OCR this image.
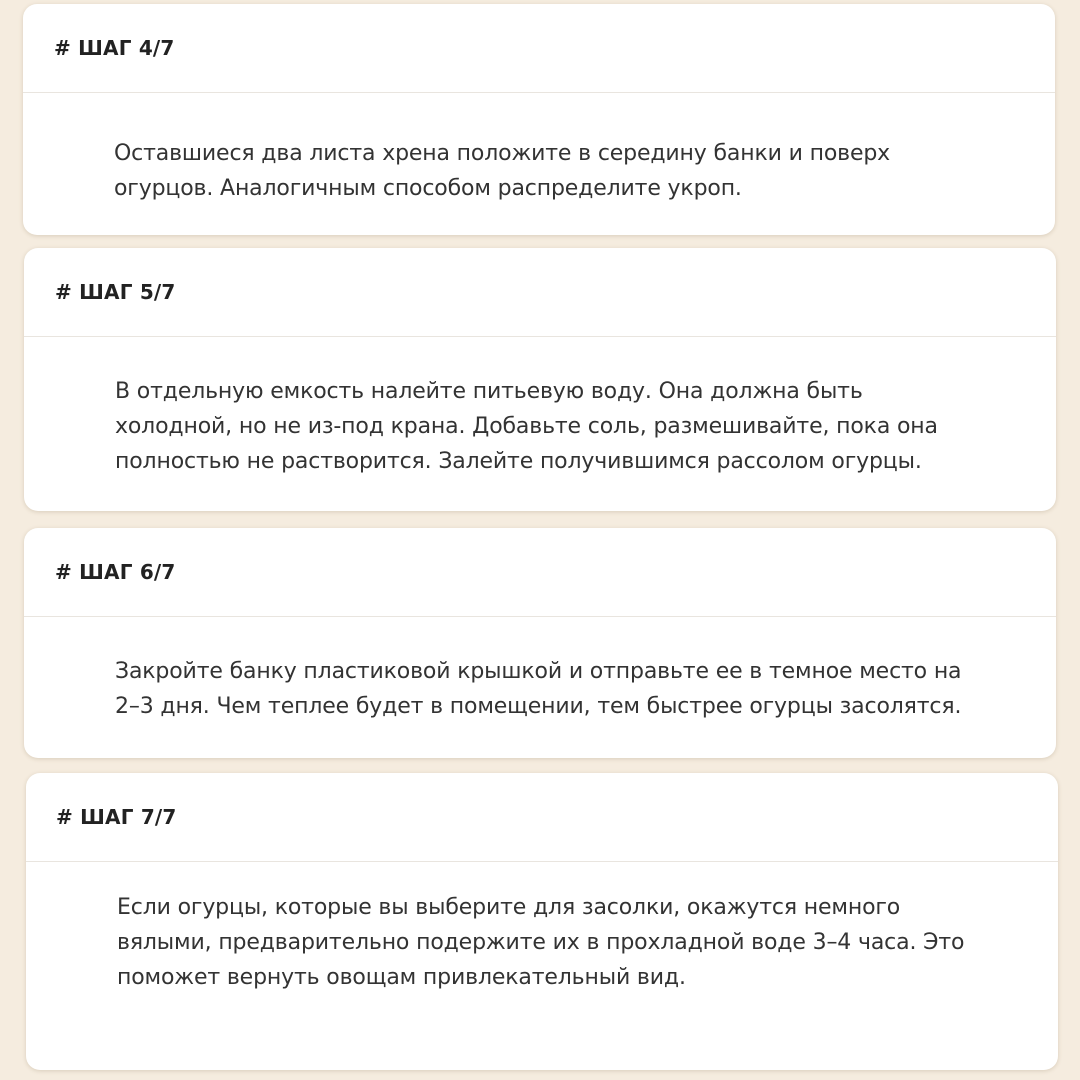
# ШАГ 4/7

Оставшиеся два листа хрена положите в середину банки и поверх огурцов. Аналогичным способом распределите укроп.

# ШАГ 5/7

В отдельную емкость налейте питьевую воду. Она должна быть холодной, но не из-под крана. Добавьте соль, размешивайте, пока она полностью не растворится. Залейте получившимся рассолом огурцы.

# ШАГ 6/7

Закройте банку пластиковой крышкой и отправьте ее в темное место на 2–3 дня. Чем теплее будет в помещении, тем быстрее огурцы засолятся.

# ШАГ 7/7

Если огурцы, которые вы выберите для засолки, окажутся немного вялыми, предварительно подержите их в прохладной воде 3–4 часа. Это поможет вернуть овощам привлекательный вид.
